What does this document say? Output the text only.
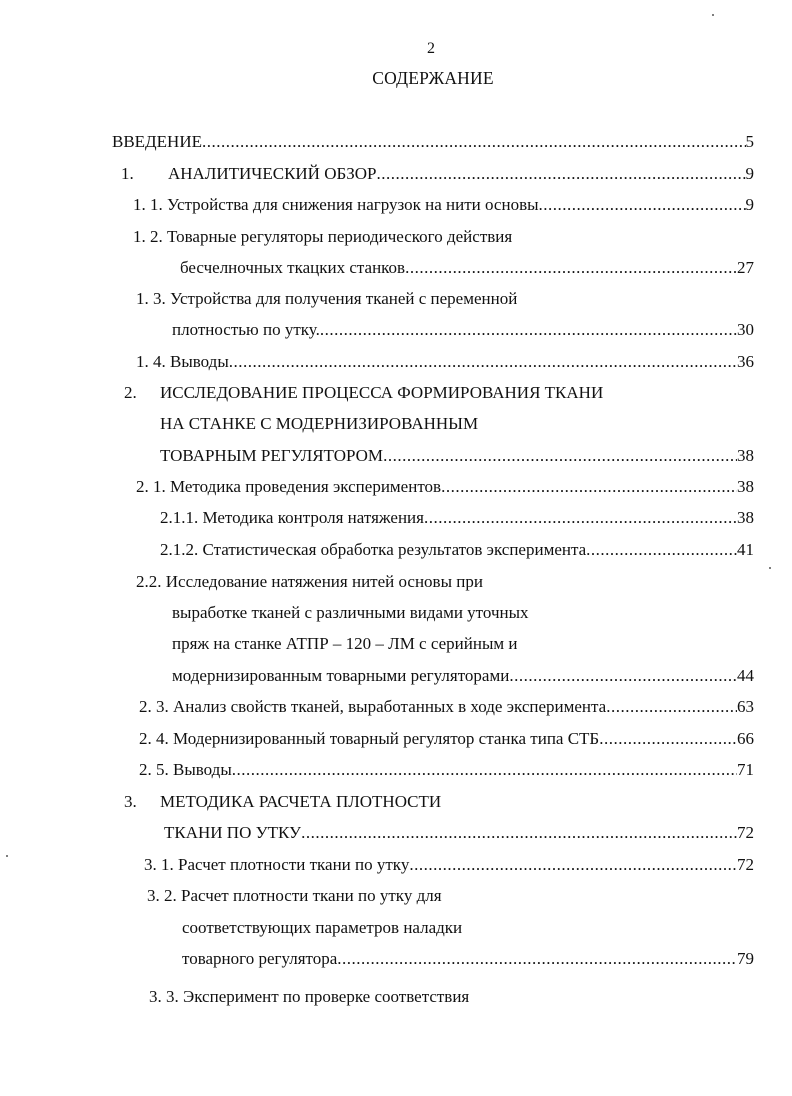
2
СОДЕРЖАНИЕ
ВВЕДЕНИЕ .....	5
1. АНАЛИТИЧЕСКИЙ ОБЗОР .....	9
1. 1. Устройства для снижения нагрузок на нити основы .....	9
1. 2. Товарные регуляторы периодического действия
бесчелночных ткацких станков .....	27
1. 3. Устройства для получения тканей с переменной
плотностью по утку. .....	30
1. 4. Выводы .....	36
2. ИССЛЕДОВАНИЕ ПРОЦЕССА ФОРМИРОВАНИЯ ТКАНИ
НА СТАНКЕ С МОДЕРНИЗИРОВАННЫМ
ТОВАРНЫМ РЕГУЛЯТОРОМ .....	38
2. 1. Методика проведения экспериментов .....	38
2.1.1. Методика контроля натяжения .....	38
2.1.2. Статистическая обработка результатов эксперимента .....	41
2.2. Исследование натяжения нитей основы при
выработке тканей с различными видами уточных
пряж на станке АТПР – 120 – ЛМ с серийным и
модернизированным товарными регуляторами .....	44
2. 3. Анализ свойств тканей, выработанных в ходе эксперимента .....	63
2. 4. Модернизированный товарный регулятор станка типа СТБ .....	66
2. 5. Выводы .....	71
3. МЕТОДИКА РАСЧЕТА ПЛОТНОСТИ
ТКАНИ ПО УТКУ .....	72
3. 1. Расчет плотности ткани по утку .....	72
3. 2. Расчет плотности ткани по утку для
соответствующих параметров наладки
товарного регулятора .....	79
3. 3. Эксперимент по проверке соответствия
